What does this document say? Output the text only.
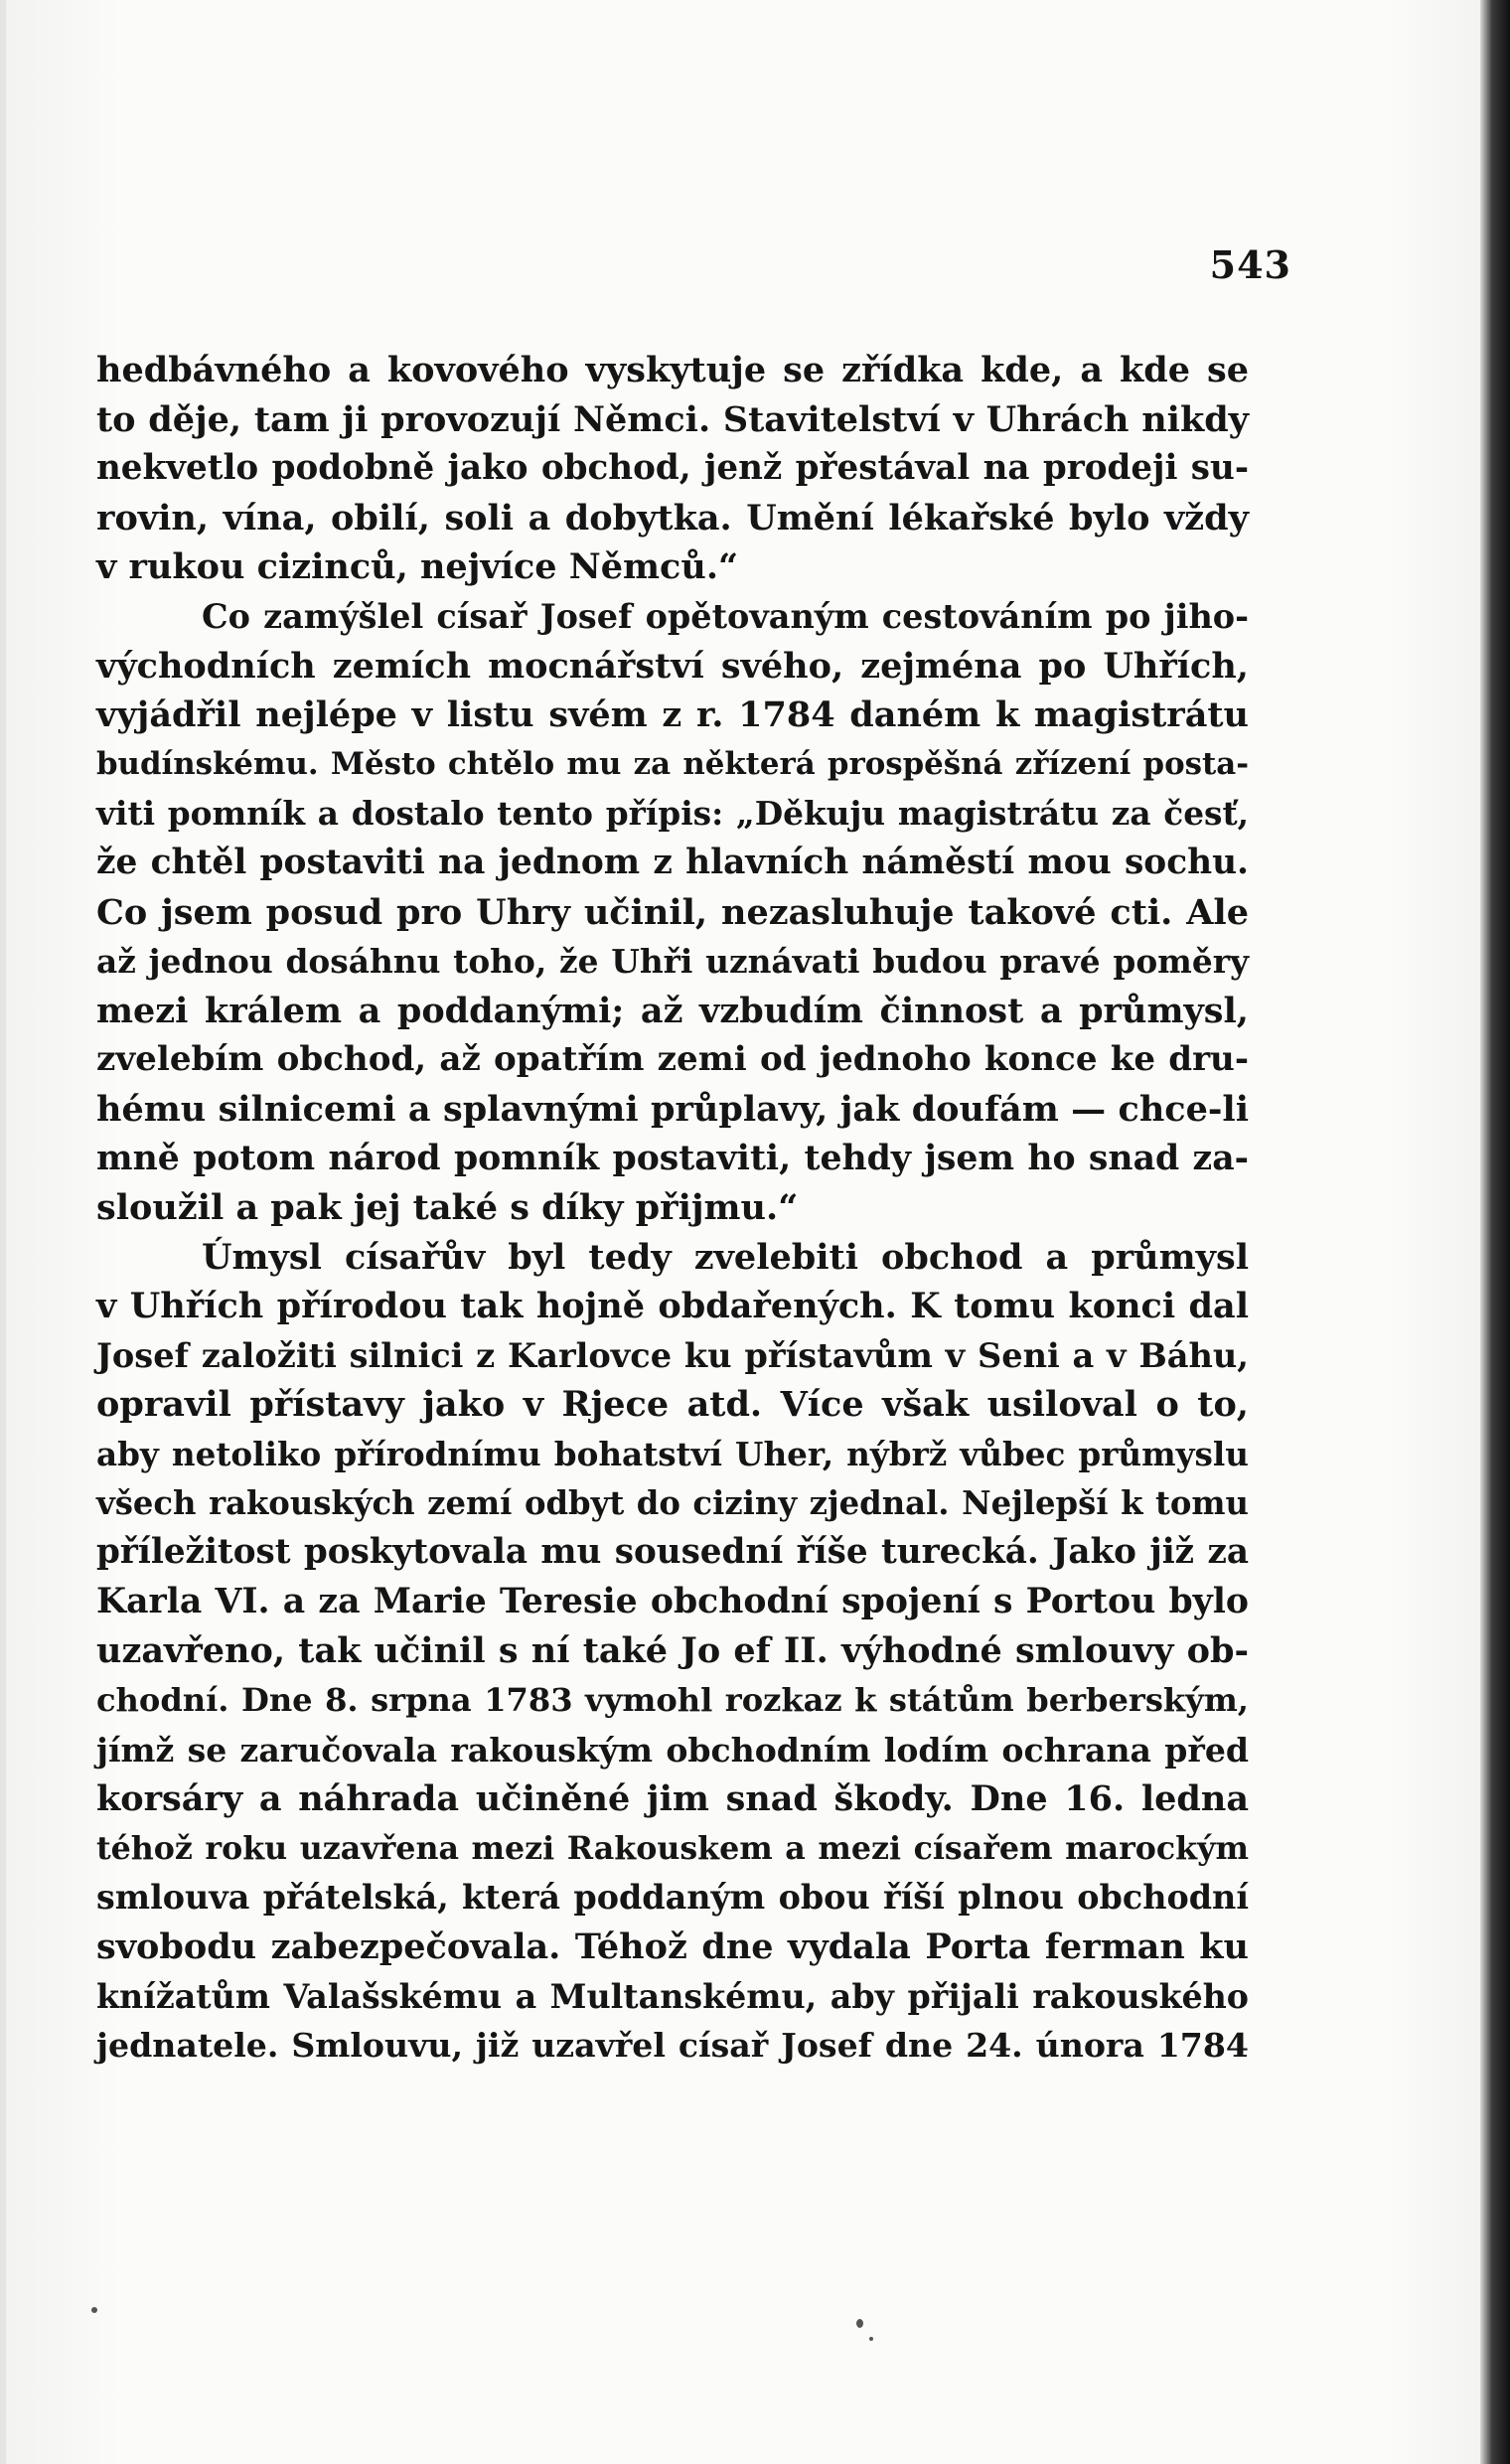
543
hedbávného a kovového vyskytuje se zřídka kde, a kde se
to děje, tam ji provozují Němci. Stavitelství v Uhrách nikdy
nekvetlo podobně jako obchod, jenž přestával na prodeji su-
rovin, vína, obilí, soli a dobytka. Umění lékařské bylo vždy
v rukou cizinců, nejvíce Němců.“
Co zamýšlel císař Josef opětovaným cestováním po jiho-
východních zemích mocnářství svého, zejména po Uhřích,
vyjádřil nejlépe v listu svém z r. 1784 daném k magistrátu
budínskému. Město chtělo mu za některá prospěšná zřízení posta-
viti pomník a dostalo tento přípis: „Děkuju magistrátu za česť,
že chtěl postaviti na jednom z hlavních náměstí mou sochu.
Co jsem posud pro Uhry učinil, nezasluhuje takové cti. Ale
až jednou dosáhnu toho, že Uhři uznávati budou pravé poměry
mezi králem a poddanými; až vzbudím činnost a průmysl,
zvelebím obchod, až opatřím zemi od jednoho konce ke dru-
hému silnicemi a splavnými průplavy, jak doufám — chce-li
mně potom národ pomník postaviti, tehdy jsem ho snad za-
sloužil a pak jej také s díky přijmu.“
Úmysl císařův byl tedy zvelebiti obchod a průmysl
v Uhřích přírodou tak hojně obdařených. K tomu konci dal
Josef založiti silnici z Karlovce ku přístavům v Seni a v Báhu,
opravil přístavy jako v Rjece atd. Více však usiloval o to,
aby netoliko přírodnímu bohatství Uher, nýbrž vůbec průmyslu
všech rakouských zemí odbyt do ciziny zjednal. Nejlepší k tomu
příležitost poskytovala mu sousední říše turecká. Jako již za
Karla VI. a za Marie Teresie obchodní spojení s Portou bylo
uzavřeno, tak učinil s ní také Jo ef II. výhodné smlouvy ob-
chodní. Dne 8. srpna 1783 vymohl rozkaz k státům berberským,
jímž se zaručovala rakouským obchodním lodím ochrana před
korsáry a náhrada učiněné jim snad škody. Dne 16. ledna
téhož roku uzavřena mezi Rakouskem a mezi císařem marockým
smlouva přátelská, která poddaným obou říší plnou obchodní
svobodu zabezpečovala. Téhož dne vydala Porta ferman ku
knížatům Valašskému a Multanskému, aby přijali rakouského
jednatele. Smlouvu, již uzavřel císař Josef dne 24. února 1784
